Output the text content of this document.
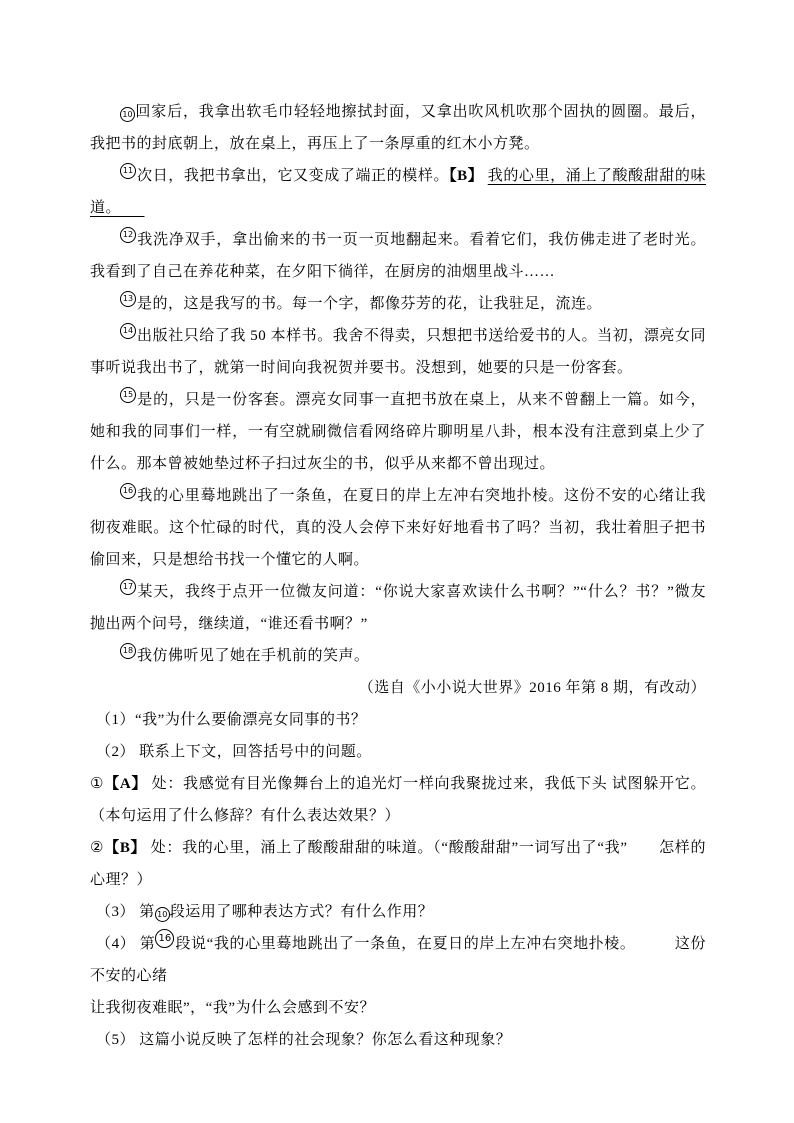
10 回家后，我拿出软毛巾轻轻地擦拭封面，又拿出吹风机吹那个固执的圆圈。最后，我把书的封底朝上，放在桌上，再压上了一条厚重的红木小方凳。
11 次日，我把书拿出，它又变成了端正的模样。【B】 我的心里，涌上了酸酸甜甜的味道。　　
12 我洗净双手，拿出偷来的书一页一页地翻起来。看着它们，我仿佛走进了老时光。我看到了自己在养花种菜，在夕阳下徜徉，在厨房的油烟里战斗……
13 是的，这是我写的书。每一个字，都像芬芳的花，让我驻足，流连。
14 出版社只给了我 50 本样书。我舍不得卖，只想把书送给爱书的人。当初，漂亮女同事听说我出书了，就第一时间向我祝贺并要书。没想到，她要的只是一份客套。
15 是的，只是一份客套。漂亮女同事一直把书放在桌上，从来不曾翻上一篇。如今，她和我的同事们一样，一有空就刷微信看网络碎片聊明星八卦，根本没有注意到桌上少了什么。那本曾被她垫过杯子扫过灰尘的书，似乎从来都不曾出现过。
16 我的心里蓦地跳出了一条鱼，在夏日的岸上左冲右突地扑棱。这份不安的心绪让我彻夜难眠。这个忙碌的时代，真的没人会停下来好好地看书了吗？当初，我壮着胆子把书偷回来，只是想给书找一个懂它的人啊。
17 某天，我终于点开一位微友问道：“你说大家喜欢读什么书啊？”“什么？书？”微友抛出两个问号，继续道，“谁还看书啊？”
18 我仿佛听见了她在手机前的笑声。
（选自《小小说大世界》2016 年第 8 期，有改动）
（1）“我”为什么要偷漂亮女同事的书？
（2） 联系上下文，回答括号中的问题。
①【A】 处：我感觉有目光像舞台上的追光灯一样向我聚拢过来，我低下头 试图躲开它。（本句运用了什么修辞？有什么表达效果？）
②【B】 处：我的心里，涌上了酸酸甜甜的味道。（“酸酸甜甜”一词写出了“我”　　怎样的心理？）
（3） 第 10 段运用了哪种表达方式？有什么作用？
（4） 第 16 段说“我的心里蓦地跳出了一条鱼，在夏日的岸上左冲右突地扑棱。　　　这份不安的心绪
让我彻夜难眠”，“我”为什么会感到不安？
（5） 这篇小说反映了怎样的社会现象？你怎么看这种现象？
